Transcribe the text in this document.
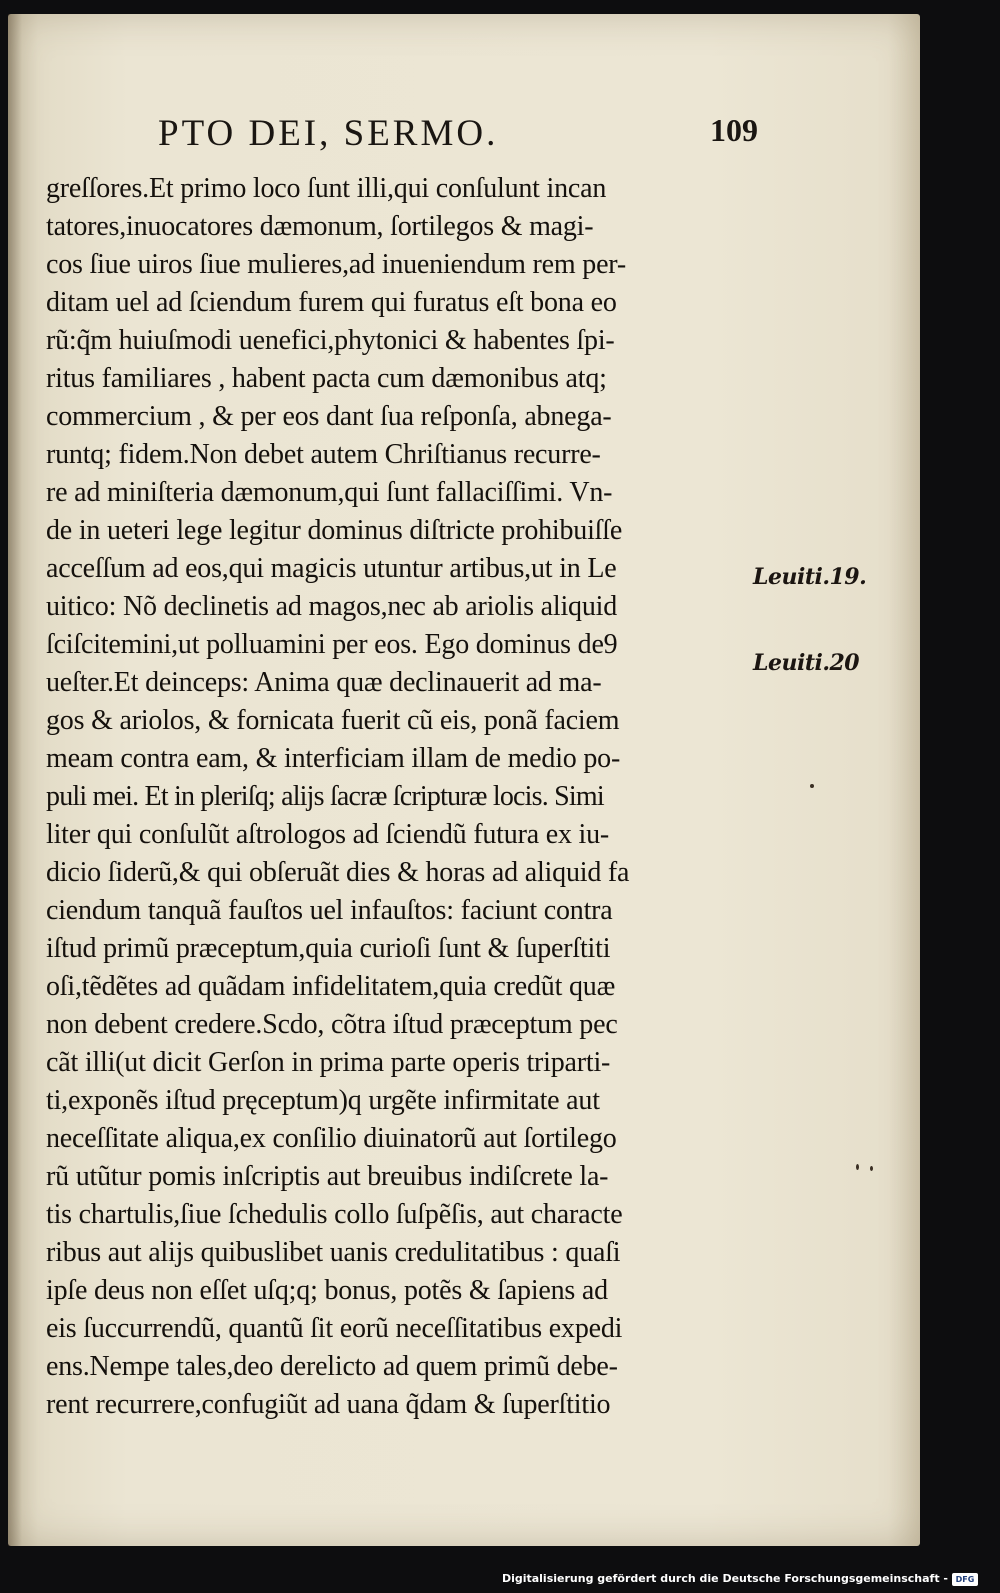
PTO DEI, SERMO.	109
greſſores.Et primo loco ſunt illi,qui conſulunt incan
tatores,inuocatores dæmonum, ſortilegos & magi-
cos ſiue uiros ſiue mulieres,ad inueniendum rem per-
ditam uel ad ſciendum furem qui furatus eſt bona eo
rũ:q̃m huiuſmodi uenefici,phytonici & habentes ſpi-
ritus familiares , habent pacta cum dæmonibus atq;
commercium , & per eos dant ſua reſponſa, abnega-
runtq; fidem.Non debet autem Chriſtianus recurre-
re ad miniſteria dæmonum,qui ſunt fallaciſſimi. Vn-
de in ueteri lege legitur dominus diſtricte prohibuiſſe
acceſſum ad eos,qui magicis utuntur artibus,ut in Le
uitico: Nõ declinetis ad magos,nec ab ariolis aliquid
ſciſcitemini,ut polluamini per eos. Ego dominus de9
ueſter.Et deinceps: Anima quæ declinauerit ad ma-
gos & ariolos, & fornicata fuerit cũ eis, ponã faciem
meam contra eam, & interficiam illam de medio po-
puli mei. Et in pleriſq; alijs ſacræ ſcripturæ locis. Simi
liter qui conſulũt aſtrologos ad ſciendũ futura ex iu-
dicio ſiderũ,& qui obſeruãt dies & horas ad aliquid fa
ciendum tanquã fauſtos uel infauſtos: faciunt contra
iſtud primũ præceptum,quia curioſi ſunt & ſuperſtiti
oſi,tẽdẽtes ad quãdam infidelitatem,quia credũt quæ
non debent credere.Scdo, cõtra iſtud præceptum pec
cãt illi(ut dicit Gerſon in prima parte operis triparti-
ti,exponẽs iſtud pręceptum)q urgẽte infirmitate aut
neceſſitate aliqua,ex conſilio diuinatorũ aut ſortilego
rũ utũtur pomis inſcriptis aut breuibus indiſcrete la-
tis chartulis,ſiue ſchedulis collo ſuſpẽſis, aut characte
ribus aut alijs quibuslibet uanis credulitatibus : quaſi
ipſe deus non eſſet uſq;q; bonus, potẽs & ſapiens ad
eis ſuccurrendũ, quantũ ſit eorũ neceſſitatibus expedi
ens.Nempe tales,deo derelicto ad quem primũ debe-
rent recurrere,confugiũt ad uana q̃dam & ſuperſtitio
Leuiti.19.
Leuiti.20
Digitalisierung gefördert durch die Deutsche Forschungsgemeinschaft - DFG
